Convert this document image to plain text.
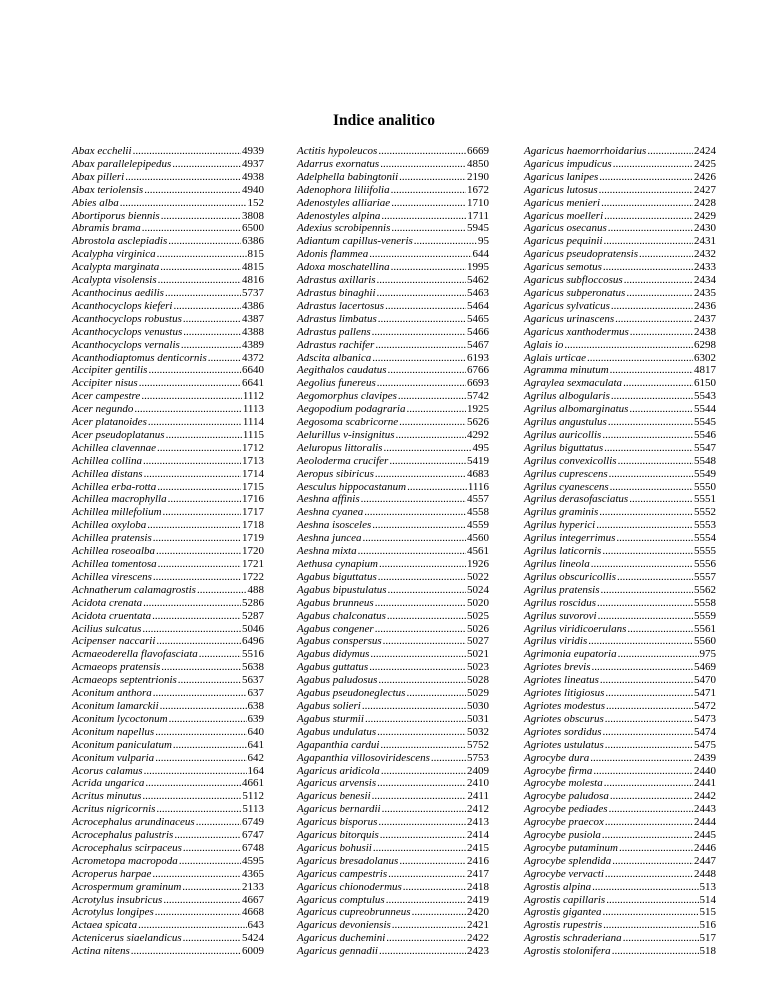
Indice analitico
Abax ecchelii .....	4939
Abax parallelepipedus .....	4937
Abax pilleri .....	4938
Abax teriolensis .....	4940
Abies alba .....	152
Abortiporus biennis .....	3808
Abramis brama .....	6500
Abrostola asclepiadis .....	6386
Acalypha virginica .....	815
Acalypta marginata .....	4815
Acalypta visolensis .....	4816
Acanthocinus aedilis .....	5737
Acanthocyclops kieferi .....	4386
Acanthocyclops robustus .....	4387
Acanthocyclops venustus .....	4388
Acanthocyclops vernalis .....	4389
Acanthodiaptomus denticornis .....	4372
Accipiter gentilis .....	6640
Accipiter nisus .....	6641
Acer campestre .....	1112
Acer negundo .....	1113
Acer platanoides .....	1114
Acer pseudoplatanus .....	1115
Achillea clavennae .....	1712
Achillea collina .....	1713
Achillea distans .....	1714
Achillea erba-rotta .....	1715
Achillea macrophylla .....	1716
Achillea millefolium .....	1717
Achillea oxyloba .....	1718
Achillea pratensis .....	1719
Achillea roseoalba .....	1720
Achillea tomentosa .....	1721
Achillea virescens .....	1722
Achnatherum calamagrostis .....	488
Acidota crenata .....	5286
Acidota cruentata .....	5287
Acilius sulcatus .....	5046
Acipenser naccarii .....	6496
Acmaeoderella flavofasciata .....	5516
Acmaeops pratensis .....	5638
Acmaeops septentrionis .....	5637
Aconitum anthora .....	637
Aconitum lamarckii .....	638
Aconitum lycoctonum .....	639
Aconitum napellus .....	640
Aconitum paniculatum .....	641
Aconitum vulparia .....	642
Acorus calamus .....	164
Acrida ungarica .....	4661
Acritus minutus .....	5112
Acritus nigricornis .....	5113
Acrocephalus arundinaceus .....	6749
Acrocephalus palustris .....	6747
Acrocephalus scirpaceus .....	6748
Acrometopa macropoda .....	4595
Acroperus harpae .....	4365
Acrospermum graminum .....	2133
Acrotylus insubricus .....	4667
Acrotylus longipes .....	4668
Actaea spicata .....	643
Actenicerus siaelandicus .....	5424
Actina nitens .....	6009
Actitis hypoleucos .....	6669
Adarrus exornatus .....	4850
Adelphella babingtonii .....	2190
Adenophora liliifolia .....	1672
Adenostyles alliariae .....	1710
Adenostyles alpina .....	1711
Adexius scrobipennis .....	5945
Adiantum capillus-veneris .....	95
Adonis flammea .....	644
Adoxa moschatellina .....	1995
Adrastus axillaris .....	5462
Adrastus binaghii .....	5463
Adrastus lacertosus .....	5464
Adrastus limbatus .....	5465
Adrastus pallens .....	5466
Adrastus rachifer .....	5467
Adscita albanica .....	6193
Aegithalos caudatus .....	6766
Aegolius funereus .....	6693
Aegomorphus clavipes .....	5742
Aegopodium podagraria .....	1925
Aegosoma scabricorne .....	5626
Aelurillus v-insignitus .....	4292
Aeluropus littoralis .....	495
Aeoloderma crucifer .....	5419
Aeropus sibiricus .....	4683
Aesculus hippocastanum .....	1116
Aeshna affinis .....	4557
Aeshna cyanea .....	4558
Aeshna isosceles .....	4559
Aeshna juncea .....	4560
Aeshna mixta .....	4561
Aethusa cynapium .....	1926
Agabus biguttatus .....	5022
Agabus bipustulatus .....	5024
Agabus brunneus .....	5020
Agabus chalconatus .....	5025
Agabus congener .....	5026
Agabus conspersus .....	5027
Agabus didymus .....	5021
Agabus guttatus .....	5023
Agabus paludosus .....	5028
Agabus pseudoneglectus .....	5029
Agabus solieri .....	5030
Agabus sturmii .....	5031
Agabus undulatus .....	5032
Agapanthia cardui .....	5752
Agapanthia villosoviridescens .....	5753
Agaricus aridicola .....	2409
Agaricus arvensis .....	2410
Agaricus benesii .....	2411
Agaricus bernardii .....	2412
Agaricus bisporus .....	2413
Agaricus bitorquis .....	2414
Agaricus bohusii .....	2415
Agaricus bresadolanus .....	2416
Agaricus campestris .....	2417
Agaricus chionodermus .....	2418
Agaricus comptulus .....	2419
Agaricus cupreobrunneus .....	2420
Agaricus devoniensis .....	2421
Agaricus duchemini .....	2422
Agaricus gennadii .....	2423
Agaricus haemorrhoidarius .....	2424
Agaricus impudicus .....	2425
Agaricus lanipes .....	2426
Agaricus lutosus .....	2427
Agaricus menieri .....	2428
Agaricus moelleri .....	2429
Agaricus osecanus .....	2430
Agaricus pequinii .....	2431
Agaricus pseudopratensis .....	2432
Agaricus semotus .....	2433
Agaricus subfloccosus .....	2434
Agaricus subperonatus .....	2435
Agaricus sylvaticus .....	2436
Agaricus urinascens .....	2437
Agaricus xanthodermus .....	2438
Aglais io .....	6298
Aglais urticae .....	6302
Agramma minutum .....	4817
Agraylea sexmaculata .....	6150
Agrilus albogularis .....	5543
Agrilus albomarginatus .....	5544
Agrilus angustulus .....	5545
Agrilus auricollis .....	5546
Agrilus biguttatus .....	5547
Agrilus convexicollis .....	5548
Agrilus cuprescens .....	5549
Agrilus cyanescens .....	5550
Agrilus derasofasciatus .....	5551
Agrilus graminis .....	5552
Agrilus hyperici .....	5553
Agrilus integerrimus .....	5554
Agrilus laticornis .....	5555
Agrilus lineola .....	5556
Agrilus obscuricollis .....	5557
Agrilus pratensis .....	5562
Agrilus roscidus .....	5558
Agrilus suvorovi .....	5559
Agrilus viridicoerulans .....	5561
Agrilus viridis .....	5560
Agrimonia eupatoria .....	975
Agriotes brevis .....	5469
Agriotes lineatus .....	5470
Agriotes litigiosus .....	5471
Agriotes modestus .....	5472
Agriotes obscurus .....	5473
Agriotes sordidus .....	5474
Agriotes ustulatus .....	5475
Agrocybe dura .....	2439
Agrocybe firma .....	2440
Agrocybe molesta .....	2441
Agrocybe paludosa .....	2442
Agrocybe pediades .....	2443
Agrocybe praecox .....	2444
Agrocybe pusiola .....	2445
Agrocybe putaminum .....	2446
Agrocybe splendida .....	2447
Agrocybe vervacti .....	2448
Agrostis alpina .....	513
Agrostis capillaris .....	514
Agrostis gigantea .....	515
Agrostis rupestris .....	516
Agrostis schraderiana .....	517
Agrostis stolonifera .....	518
